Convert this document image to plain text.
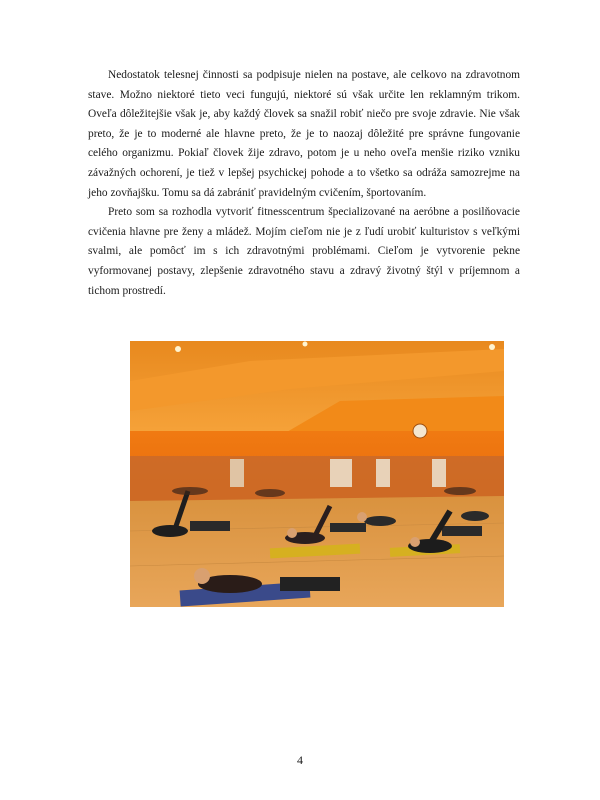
Nedostatok telesnej činnosti sa podpisuje nielen na postave, ale celkovo na zdravotnom stave. Možno niektoré tieto veci fungujú, niektoré sú však určite len reklamným trikom. Oveľa dôležitejšie však je, aby každý človek sa snažil robiť niečo pre svoje zdravie. Nie však preto, že je to moderné ale hlavne preto, že je to naozaj dôležité pre správne fungovanie celého organizmu. Pokiaľ človek žije zdravo, potom je u neho oveľa menšie riziko vzniku závažných ochorení, je tiež v lepšej psychickej pohode a to všetko sa odráža samozrejme na jeho zovňajšku. Tomu sa dá zabrániť pravidelným cvičením, športovaním.

Preto som sa rozhodla vytvoriť fitnesscentrum špecializované na aeróbne a posilňovacie cvičenia hlavne pre ženy a mládež. Mojím cieľom nie je z ľudí urobiť kulturistov s veľkými svalmi, ale pomôcť im s ich zdravotnými problémami. Cieľom je vytvorenie pekne vyformovanej postavy, zlepšenie zdravotného stavu a zdravý životný štýl v príjemnom a tichom prostredí.

4
